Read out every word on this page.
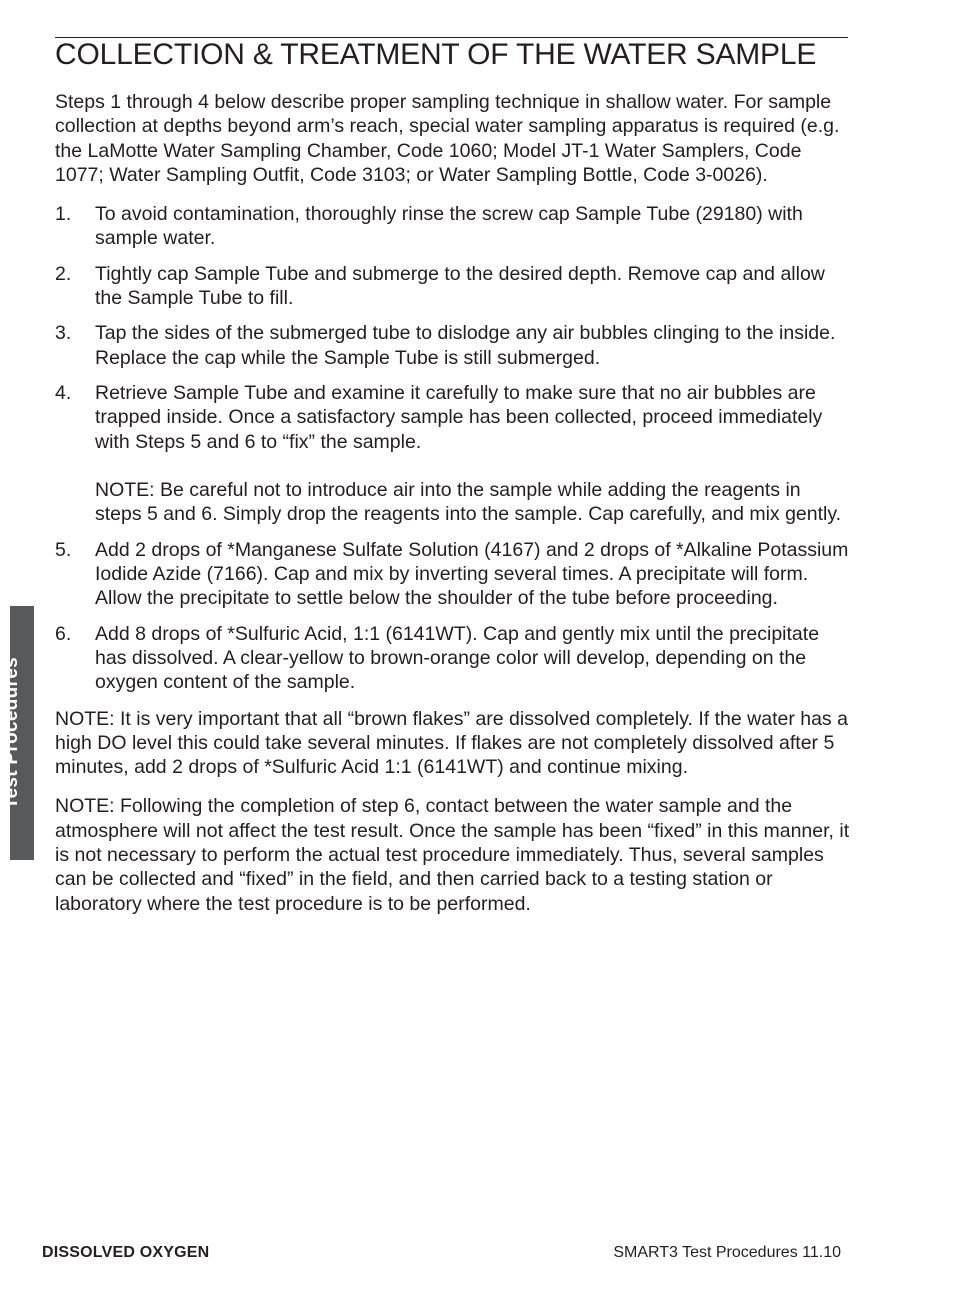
COLLECTION & TREATMENT OF THE WATER SAMPLE

Steps 1 through 4 below describe proper sampling technique in shallow water. For sample collection at depths beyond arm’s reach, special water sampling apparatus is required (e.g. the LaMotte Water Sampling Chamber, Code 1060; Model JT-1 Water Samplers, Code 1077; Water Sampling Outfit, Code 3103; or Water Sampling Bottle, Code 3-0026).

1. To avoid contamination, thoroughly rinse the screw cap Sample Tube (29180) with sample water.
2. Tightly cap Sample Tube and submerge to the desired depth. Remove cap and allow the Sample Tube to fill.
3. Tap the sides of the submerged tube to dislodge any air bubbles clinging to the inside. Replace the cap while the Sample Tube is still submerged.
4. Retrieve Sample Tube and examine it carefully to make sure that no air bubbles are trapped inside. Once a satisfactory sample has been collected, proceed immediately with Steps 5 and 6 to “fix” the sample.
NOTE: Be careful not to introduce air into the sample while adding the reagents in steps 5 and 6. Simply drop the reagents into the sample. Cap carefully, and mix gently.
5. Add 2 drops of *Manganese Sulfate Solution (4167) and 2 drops of *Alkaline Potassium Iodide Azide (7166). Cap and mix by inverting several times. A precipitate will form. Allow the precipitate to settle below the shoulder of the tube before proceeding.
6. Add 8 drops of *Sulfuric Acid, 1:1 (6141WT). Cap and gently mix until the precipitate has dissolved. A clear-yellow to brown-orange color will develop, depending on the oxygen content of the sample.

NOTE: It is very important that all “brown flakes” are dissolved completely. If the water has a high DO level this could take several minutes. If flakes are not completely dissolved after 5 minutes, add 2 drops of *Sulfuric Acid 1:1 (6141WT) and continue mixing.

NOTE: Following the completion of step 6, contact between the water sample and the atmosphere will not affect the test result. Once the sample has been “fixed” in this manner, it is not necessary to perform the actual test procedure immediately. Thus, several samples can be collected and “fixed” in the field, and then carried back to a testing station or laboratory where the test procedure is to be performed.

Test Procedures
DISSOLVED OXYGEN	SMART3 Test Procedures 11.10
